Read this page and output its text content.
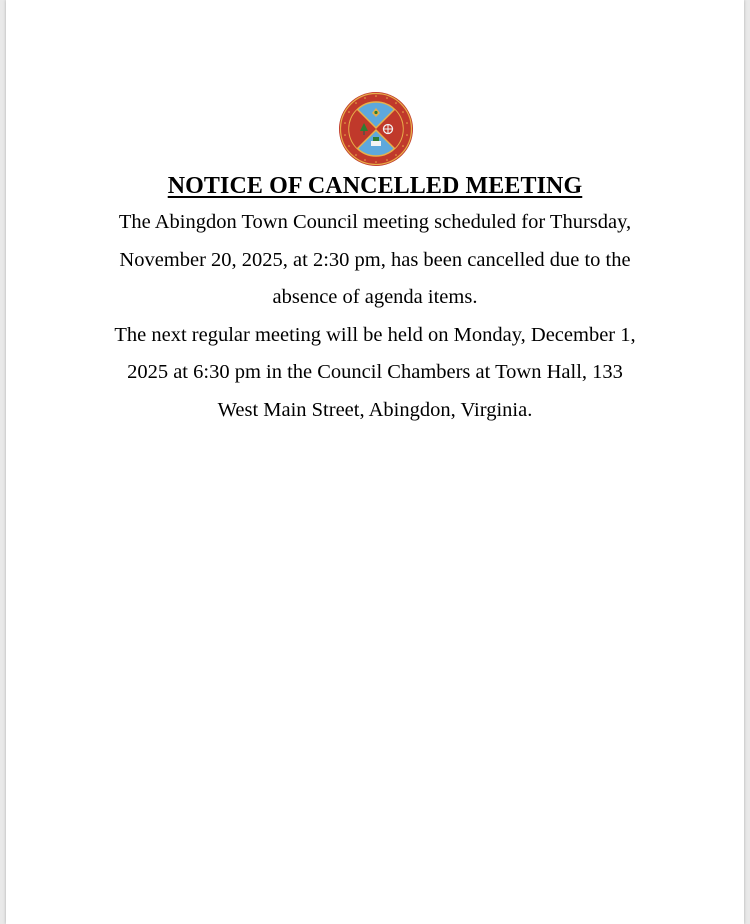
NOTICE OF CANCELLED MEETING

The Abingdon Town Council meeting scheduled for Thursday,
November 20, 2025, at 2:30 pm, has been cancelled due to the
absence of agenda items.

The next regular meeting will be held on Monday, December 1,
2025 at 6:30 pm in the Council Chambers at Town Hall, 133
West Main Street, Abingdon, Virginia.
